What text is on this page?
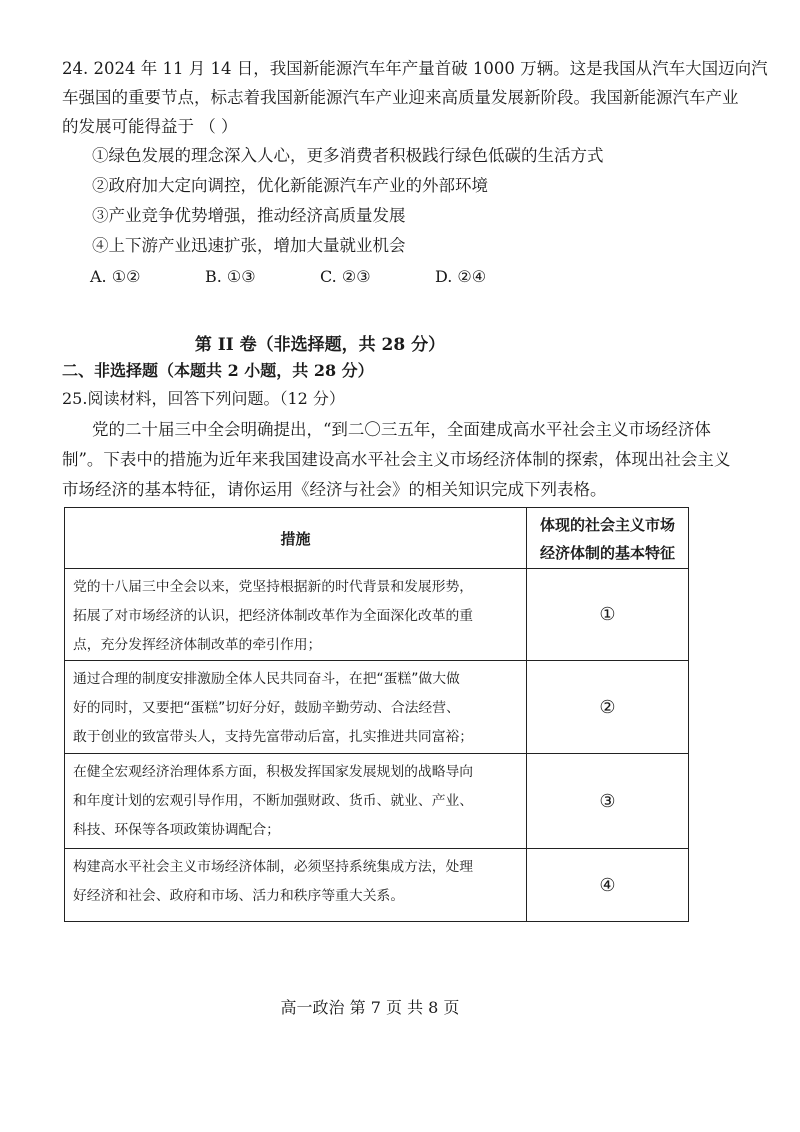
24. 2024 年 11 月 14 日，我国新能源汽车年产量首破 1000 万辆。这是我国从汽车大国迈向汽
车强国的重要节点，标志着我国新能源汽车产业迎来高质量发展新阶段。我国新能源汽车产业
的发展可能得益于 （ ）
①绿色发展的理念深入人心，更多消费者积极践行绿色低碳的生活方式
②政府加大定向调控，优化新能源汽车产业的外部环境
③产业竞争优势增强，推动经济高质量发展
④上下游产业迅速扩张，增加大量就业机会
A. ①②	B. ①③	C. ②③	D. ②④
第 II 卷（非选择题，共 28 分）
二、非选择题（本题共 2 小题，共 28 分）
25.阅读材料，回答下列问题。（12 分）
党的二十届三中全会明确提出，“到二〇三五年，全面建成高水平社会主义市场经济体
制”。下表中的措施为近年来我国建设高水平社会主义市场经济体制的探索，体现出社会主义
市场经济的基本特征，请你运用《经济与社会》的相关知识完成下列表格。
措施	体现的社会主义市场
经济体制的基本特征

党的十八届三中全会以来，党坚持根据新的时代背景和发展形势，
拓展了对市场经济的认识，把经济体制改革作为全面深化改革的重
点，充分发挥经济体制改革的牵引作用；	①

通过合理的制度安排激励全体人民共同奋斗，在把“蛋糕”做大做
好的同时，又要把“蛋糕”切好分好，鼓励辛勤劳动、合法经营、
敢于创业的致富带头人，支持先富带动后富，扎实推进共同富裕；	②

在健全宏观经济治理体系方面，积极发挥国家发展规划的战略导向
和年度计划的宏观引导作用，不断加强财政、货币、就业、产业、
科技、环保等各项政策协调配合；	③

构建高水平社会主义市场经济体制，必须坚持系统集成方法，处理
好经济和社会、政府和市场、活力和秩序等重大关系。	④
高一政治 第 7 页 共 8 页
